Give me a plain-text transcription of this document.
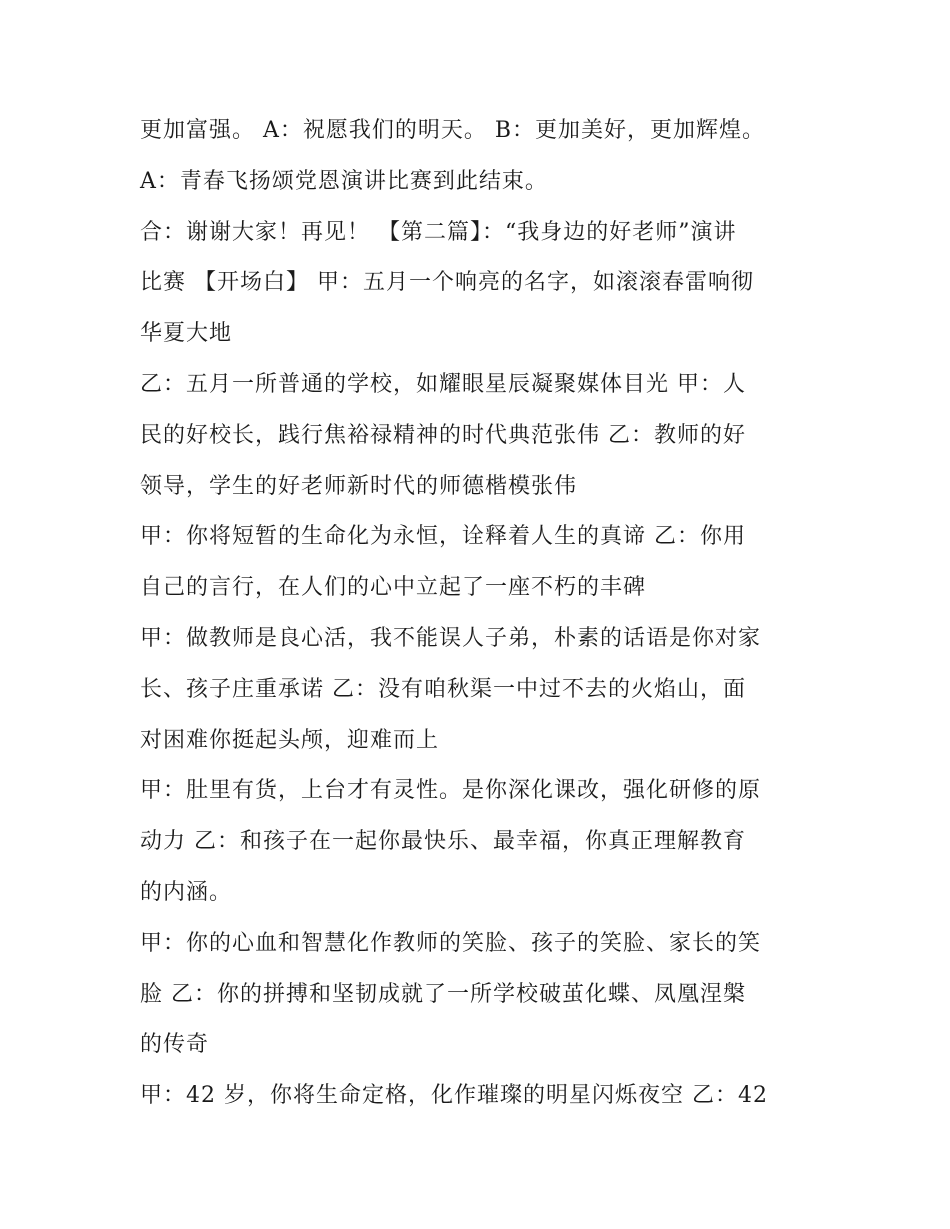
更加富强。 A：祝愿我们的明天。 B：更加美好，更加辉煌。
A：青春飞扬颂党恩演讲比赛到此结束。
合：谢谢大家！再见！ 【第二篇】：“我身边的好老师”演讲
比赛 【开场白】 甲：五月一个响亮的名字，如滚滚春雷响彻
华夏大地
乙：五月一所普通的学校，如耀眼星辰凝聚媒体目光 甲：人
民的好校长，践行焦裕禄精神的时代典范张伟 乙：教师的好
领导，学生的好老师新时代的师德楷模张伟
甲：你将短暂的生命化为永恒，诠释着人生的真谛 乙：你用
自己的言行，在人们的心中立起了一座不朽的丰碑
甲：做教师是良心活，我不能误人子弟，朴素的话语是你对家
长、孩子庄重承诺 乙：没有咱秋渠一中过不去的火焰山，面
对困难你挺起头颅，迎难而上
甲：肚里有货，上台才有灵性。是你深化课改，强化研修的原
动力 乙：和孩子在一起你最快乐、最幸福，你真正理解教育
的内涵。
甲：你的心血和智慧化作教师的笑脸、孩子的笑脸、家长的笑
脸 乙：你的拼搏和坚韧成就了一所学校破茧化蝶、凤凰涅槃
的传奇
甲：42 岁，你将生命定格，化作璀璨的明星闪烁夜空 乙：42
